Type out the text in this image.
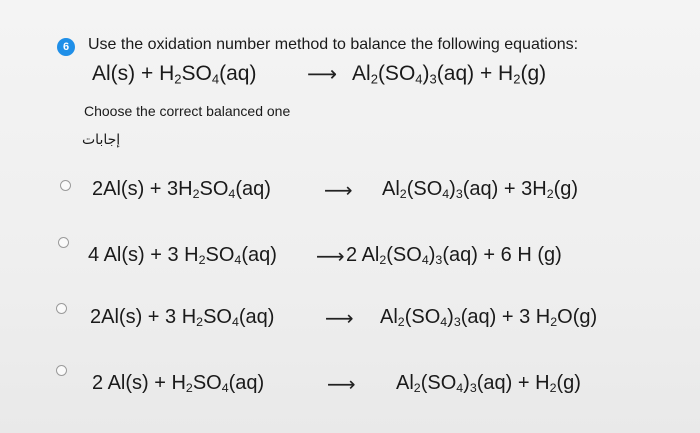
6	Use the oxidation number method to balance the following equations:
$Al(s) + H_2SO_4(aq)$ ⟶ $Al_2(SO_4)_3(aq) + H_2(g)$
Choose the correct balanced one
إجابات
$2Al(s) + 3H_2SO_4(aq)$	⟶ $Al_2(SO_4)_3(aq) + 3H_2(g)$
4 Al(s) + 3 $H_2SO_4(aq)$ ⟶ 2 $Al_2(SO_4)_3(aq) + 6$ H (g)
2Al(s) + 3 $H_2SO_4(aq)$	⟶ $Al_2(SO_4)_3(aq) + 3$ $H_2O(g)$
2 $Al(s) + H_2SO_4(aq)$	⟶ $Al_2(SO_4)_3(aq) + H_2(g)$
